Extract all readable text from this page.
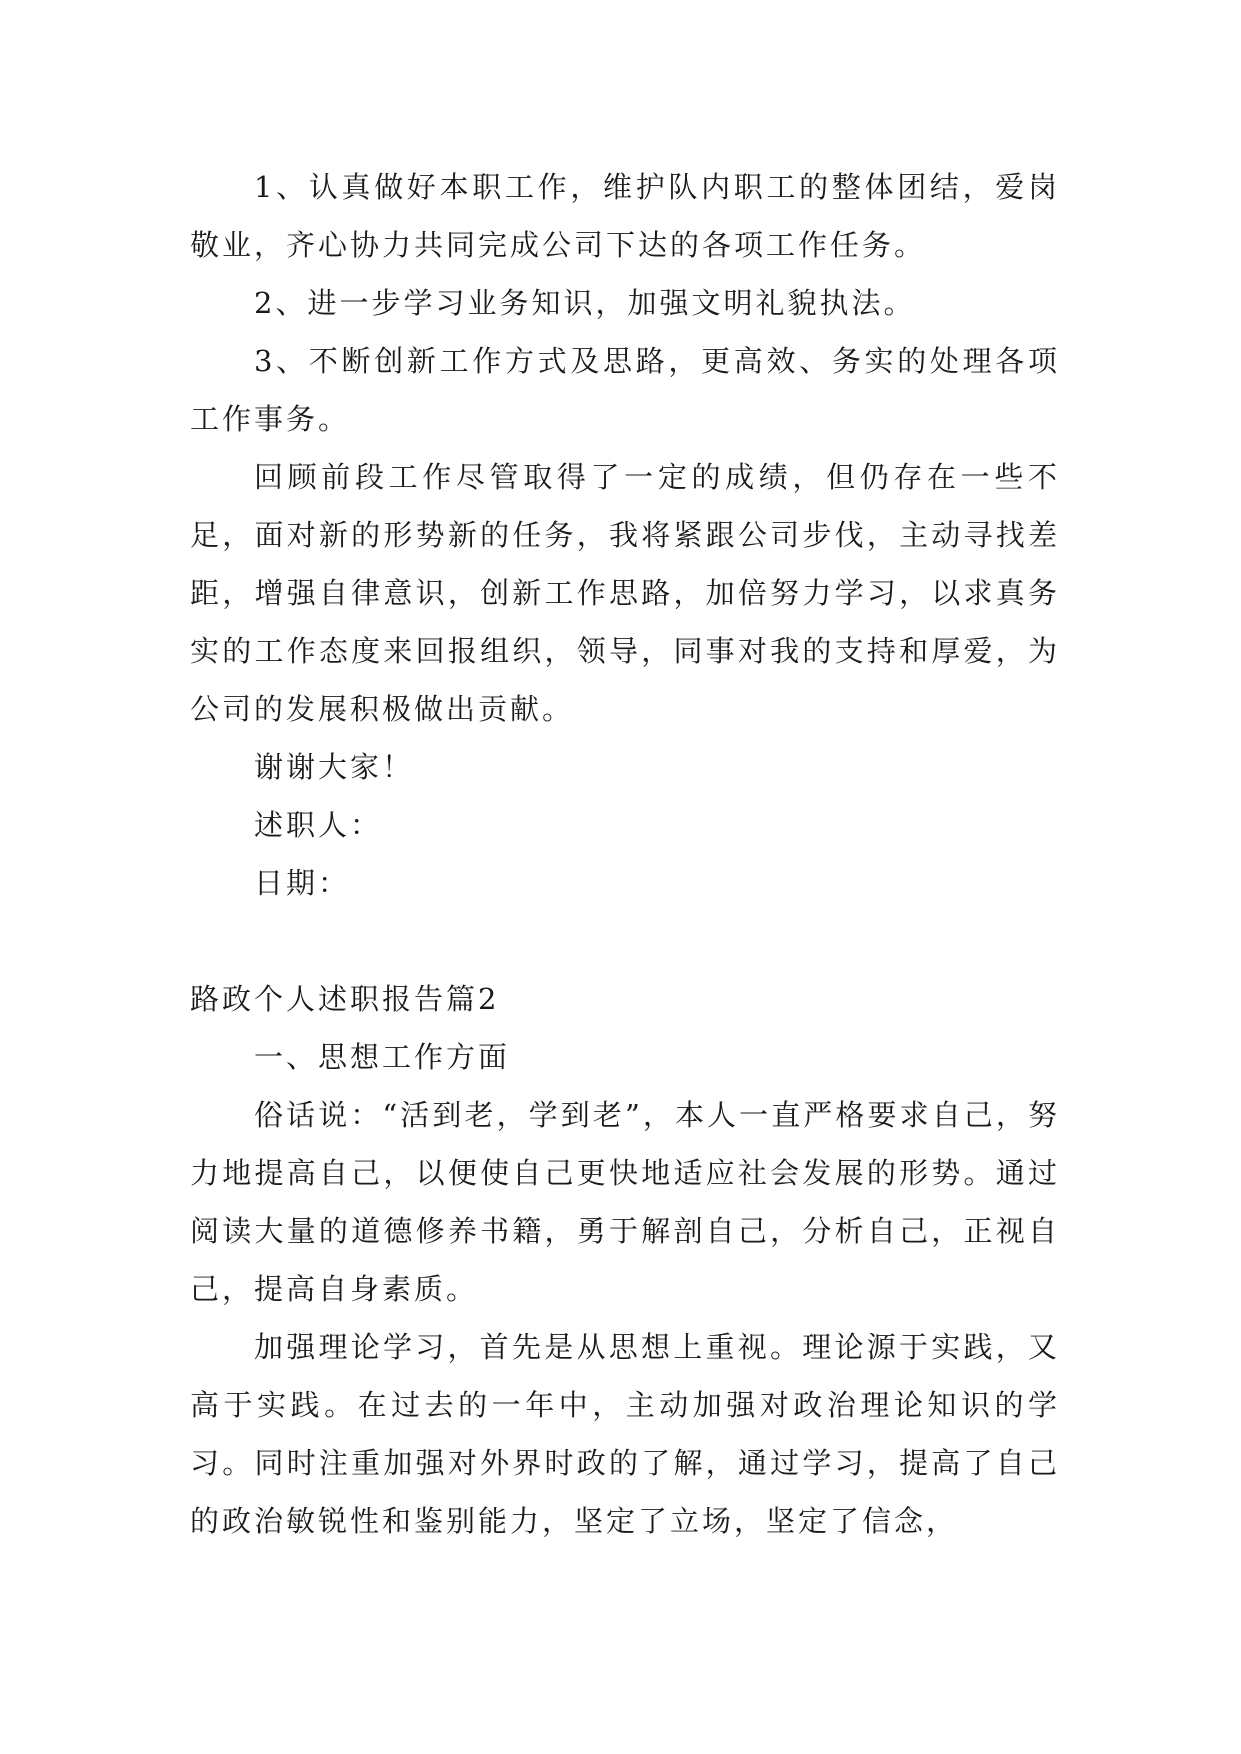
1、认真做好本职工作，维护队内职工的整体团结，爱岗敬业，齐心协力共同完成公司下达的各项工作任务。

2、进一步学习业务知识，加强文明礼貌执法。

3、不断创新工作方式及思路，更高效、务实的处理各项工作事务。

回顾前段工作尽管取得了一定的成绩，但仍存在一些不足，面对新的形势新的任务，我将紧跟公司步伐，主动寻找差距，增强自律意识，创新工作思路，加倍努力学习，以求真务实的工作态度来回报组织，领导，同事对我的支持和厚爱，为公司的发展积极做出贡献。

谢谢大家！

述职人：

日期：

路政个人述职报告篇2

一、思想工作方面

俗话说：“活到老，学到老”，本人一直严格要求自己，努力地提高自己，以便使自己更快地适应社会发展的形势。通过阅读大量的道德修养书籍，勇于解剖自己，分析自己，正视自己，提高自身素质。

加强理论学习，首先是从思想上重视。理论源于实践，又高于实践。在过去的一年中，主动加强对政治理论知识的学习。同时注重加强对外界时政的了解，通过学习，提高了自己的政治敏锐性和鉴别能力，坚定了立场，坚定了信念，
